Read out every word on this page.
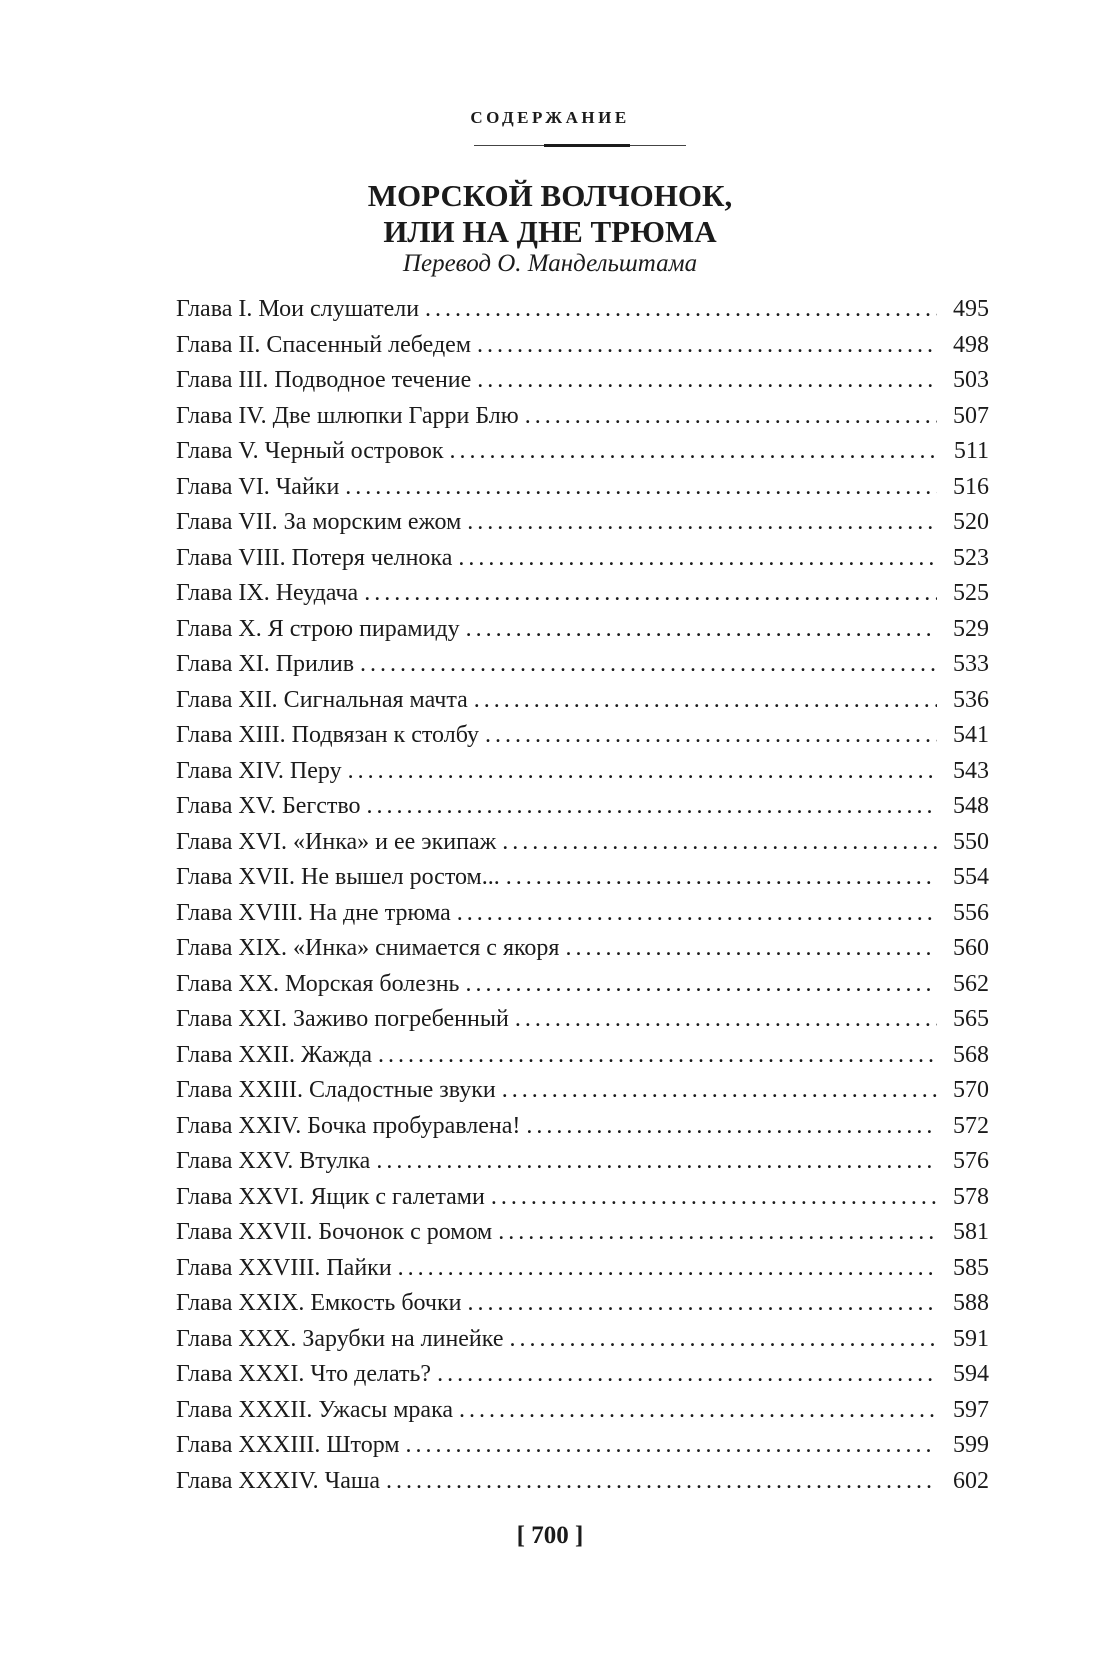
СОДЕРЖАНИЕ
МОРСКОЙ ВОЛЧОНОК,
ИЛИ НА ДНЕ ТРЮМА
Перевод О. Мандельштама
Глава I. Мои слушатели . . .	495
Глава II. Спасенный лебедем . . .	498
Глава III. Подводное течение . . .	503
Глава IV. Две шлюпки Гарри Блю . . .	507
Глава V. Черный островок . . .	511
Глава VI. Чайки . . .	516
Глава VII. За морским ежом . . .	520
Глава VIII. Потеря челнока . . .	523
Глава IX. Неудача . . .	525
Глава X. Я строю пирамиду . . .	529
Глава XI. Прилив . . .	533
Глава XII. Сигнальная мачта . . .	536
Глава XIII. Подвязан к столбу . . .	541
Глава XIV. Перу . . .	543
Глава XV. Бегство . . .	548
Глава XVI. «Инка» и ее экипаж . . .	550
Глава XVII. Не вышел ростом... . . .	554
Глава XVIII. На дне трюма . . .	556
Глава XIX. «Инка» снимается с якоря . . .	560
Глава XX. Морская болезнь . . .	562
Глава XXI. Заживо погребенный . . .	565
Глава XXII. Жажда . . .	568
Глава XXIII. Сладостные звуки . . .	570
Глава XXIV. Бочка пробуравлена! . . .	572
Глава XXV. Втулка . . .	576
Глава XXVI. Ящик с галетами . . .	578
Глава XXVII. Бочонок с ромом . . .	581
Глава XXVIII. Пайки . . .	585
Глава XXIX. Емкость бочки . . .	588
Глава XXX. Зарубки на линейке . . .	591
Глава XXXI. Что делать? . . .	594
Глава XXXII. Ужасы мрака . . .	597
Глава XXXIII. Шторм . . .	599
Глава XXXIV. Чаша . . .	602
[ 700 ]
